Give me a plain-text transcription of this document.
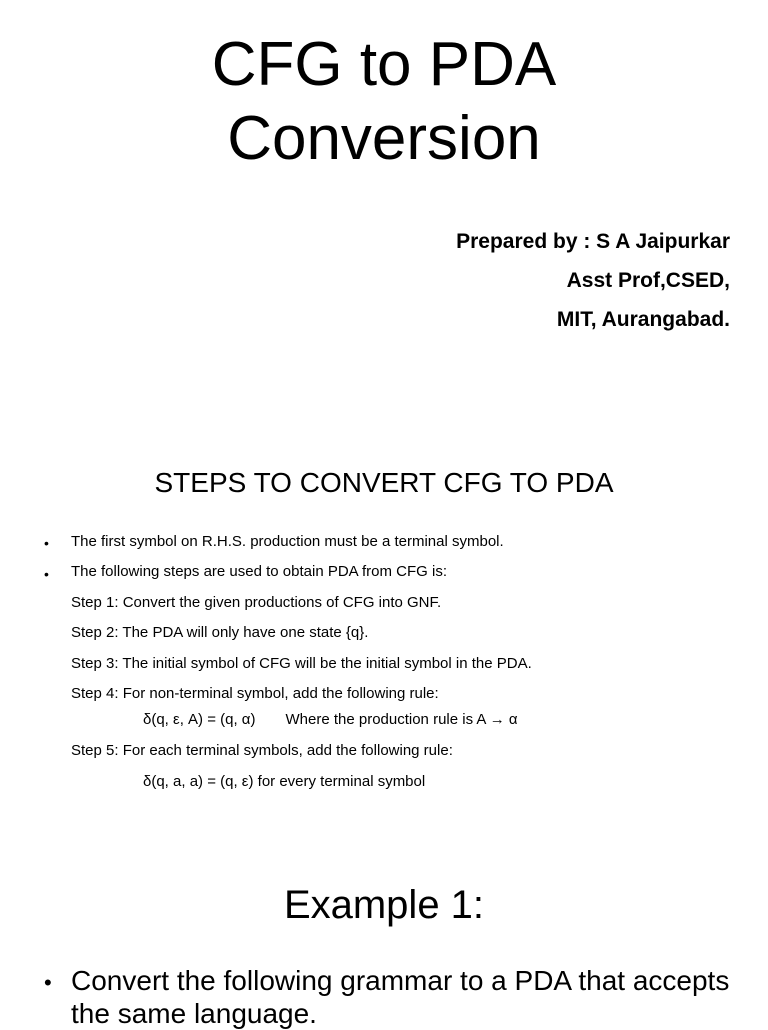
CFG to PDA
Conversion
Prepared by : S A Jaipurkar
Asst Prof,CSED,
MIT, Aurangabad.
STEPS TO CONVERT CFG TO PDA
• The first symbol on R.H.S. production must be a terminal symbol.
• The following steps are used to obtain PDA from CFG is:
Step 1: Convert the given productions of CFG into GNF.
Step 2: The PDA will only have one state {q}.
Step 3: The initial symbol of CFG will be the initial symbol in the PDA.
Step 4: For non-terminal symbol, add the following rule:
δ(q, ε, A) = (q, α) Where the production rule is A → α
Step 5: For each terminal symbols, add the following rule:
δ(q, a, a) = (q, ε) for every terminal symbol
Example 1:
• Convert the following grammar to a PDA that accepts the same language.
